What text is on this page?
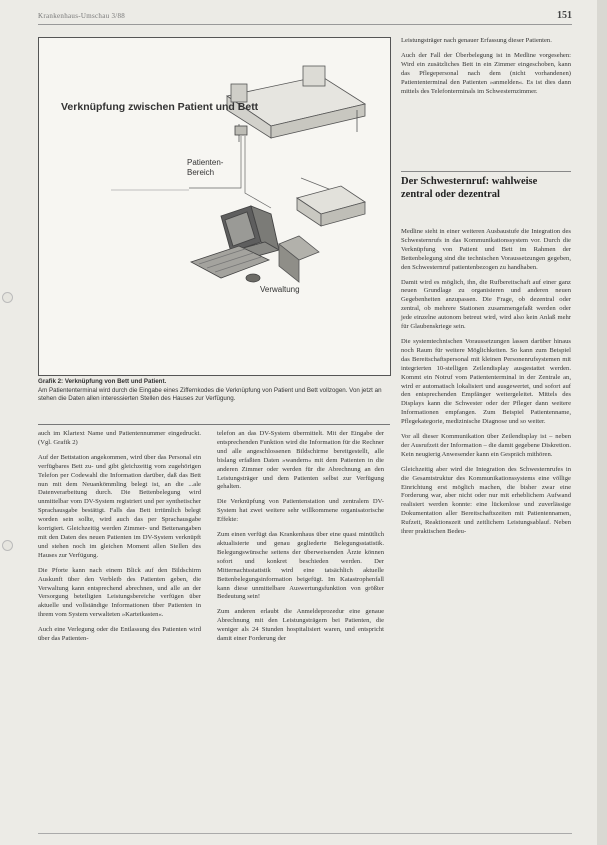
Krankenhaus-Umschau 3/88	151
Verknüpfung zwischen Patient und Bett
Patienten-
Bereich
Verwaltung
Grafik 2: Verknüpfung von Bett und Patient.
Am Patiententerminal wird durch die Eingabe eines Ziffernkodes die Verknüpfung von Patient und Bett vollzogen. Von jetzt an stehen die Daten allen interessierten Stellen des Hauses zur Verfügung.

auch im Klartext Name und Patientennummer eingedruckt. (Vgl. Grafik 2)

Auf der Bettstation angekommen, wird über das Personal ein verfügbares Bett zu- und gibt gleichzeitig vom zugehörigen Telefon per Codewahl die Information darüber, daß das Bett nun mit dem Neuankömmling belegt ist, an die ...ale Datenverarbeitung durch. Die Bettenbelegung wird unmittelbar vom DV-System registriert und per synthetischer Sprachausgabe bestätigt. Falls das Bett irrtümlich belegt worden sein sollte, wird auch das per Sprachausgabe korrigiert. Gleichzeitig werden Zimmer- und Bettenangaben mit den Daten des neuen Patienten im DV-System verknüpft und stehen noch im gleichen Moment allen Stellen des Hauses zur Verfügung.

Die Pforte kann nach einem Blick auf den Bildschirm Auskunft über den Verbleib des Patienten geben, die Verwaltung kann entsprechend abrechnen, und alle an der Versorgung beteiligten Leistungsbereiche verfügen über aktuelle und vollständige Informationen über Patienten in ihrem vom System verwalteten »Karteikasten«.

Auch eine Verlegung oder die Entlassung des Patienten wird über das Patienten-

telefon an das DV-System übermittelt. Mit der Eingabe der entsprechenden Funktion wird die Information für die Rechner und alle angeschlossenen Bildschirme bereitgestellt, alle bislang erfaßten Daten »wandern« mit dem Patienten in die anderen Zimmer oder werden für die Abrechnung an den Leistungsträger und dem Patienten selbst zur Verfügung gehalten.

Die Verknüpfung von Patientenstation und zentralem DV-System hat zwei weitere sehr willkommene organisatorische Effekte:

Zum einen verfügt das Krankenhaus über eine quasi minütlich aktualisierte und genau gegliederte Belegungsstatistik. Belegungswünsche seitens der überweisenden Ärzte können sofort und konkret beschieden werden. Der Mitternachtsstatistik wird eine tatsächlich aktuelle Bettenbelegungsinformation beigefügt. Im Katastrophenfall kann diese unmittelbare Auswertungsfunktion von größter Bedeutung sein!

Zum anderen erlaubt die Anmeldeprozedur eine genaue Abrechnung mit den Leistungsträgern bei Patienten, die weniger als 24 Stunden hospitalisiert waren, und entspricht damit einer Forderung der

Leistungsträger nach genauer Erfassung dieser Patienten.

Auch der Fall der Überbelegung ist in Medline vorgesehen: Wird ein zusätzliches Bett in ein Zimmer eingeschoben, kann das Pflegepersonal nach dem (nicht vorhandenen) Patiententerminal den Patienten »anmelden«. Es ist dies dann mittels des Telefonterminals im Schwesternzimmer.

Der Schwesternruf: wahlweise zentral oder dezentral

Medline sieht in einer weiteren Ausbaustufe die Integration des Schwesternrufs in das Kommunikationssystem vor. Durch die Verknüpfung von Patient und Bett im Rahmen der Bettenbelegung sind die technischen Voraussetzungen gegeben, den Schwesternruf patientenbezogen zu handhaben.

Damit wird es möglich, ihn, die Rufbereitschaft auf einer ganz neuen Grundlage zu organisieren und anderen neuen Gegebenheiten anzupassen. Die Frage, ob dezentral oder zentral, ob mehrere Stationen zusammengefaßt werden oder jede einzelne autonom betreut wird, wird also kein Anlaß mehr für Glaubenskriege sein.

Die systemtechnischen Voraussetzungen lassen darüber hinaus noch Raum für weitere Möglichkeiten. So kann zum Beispiel das Bereitschaftspersonal mit kleinen Personenrufsystemen mit integrierten 10-stelligen Zeilendisplay ausgestattet werden. Kommt ein Notruf vom Patiententerminal in der Zentrale an, wird er automatisch lokalisiert und ausgewertet, und sofort auf den entsprechenden Empfänger weitergeleitet. Mittels des Displays kann die Schwester oder der Pfleger dann weitere Informationen empfangen. Zum Beispiel Patientenname, Pflegekategorie, medizinische Diagnose und so weiter.

Vor all dieser Kommunikation über Zeilendisplay ist – neben der Ausrufzeit der Information – die damit gegebene Diskretion. Kein neugierig Anwesender kann ein Gespräch mithören.

Gleichzeitig aber wird die Integration des Schwesternrufes in die Gesamtstruktur des Kommunikationssystems eine völlige Einrichtung erst möglich machen, die bisher zwar eine Forderung war, aber nicht oder nur mit erheblichem Aufwand realisiert werden konnte: eine lückenlose und zuverlässige Dokumentation aller Bereitschaftszeiten mit Patientennamen, Rufzeit, Reaktionszeit und zeitlichem Leistungsablauf. Neben ihrer praktischen Bedeu-
